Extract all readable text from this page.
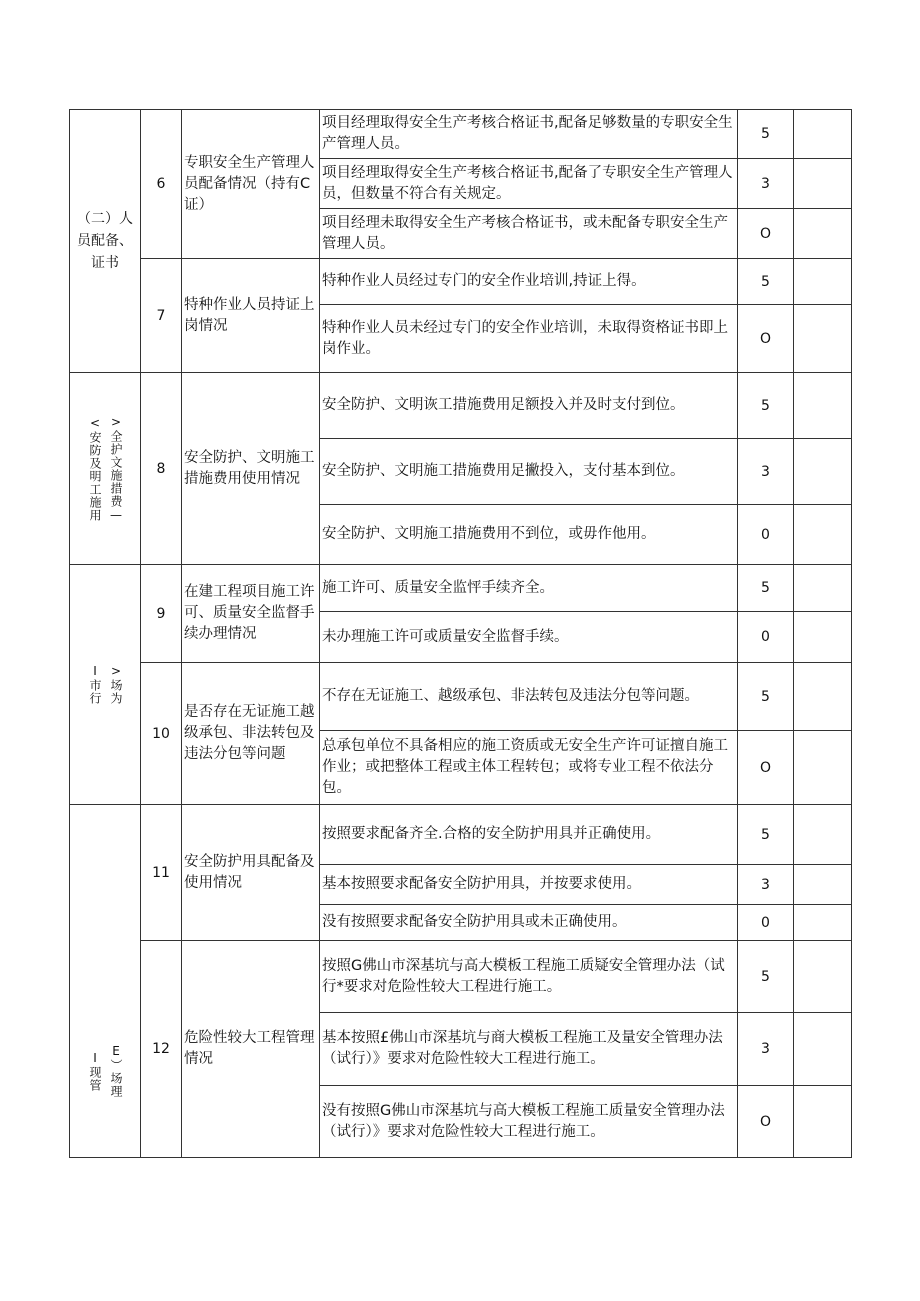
（二）人员配备、证书	6	专职安全生产管理人员配备情况（持有C证）	项目经理取得安全生产考核合格证书,配备足够数量的专职安全生产管理人员。	5	
			项目经理取得安全生产考核合格证书,配备了专职安全生产管理人员，但数量不符合有关规定。	3	
			项目经理未取得安全生产考核合格证书，或未配备专职安全生产管理人员。	O	
	7	特种作业人员持证上岗情况	特种作业人员经过专门的安全作业培训,持证上得。	5	
			特种作业人员未经过专门的安全作业培训，未取得资格证书即上岗作业。	O	

<安防及明工施用 >全护文施措费—	8	安全防护、文明施工措施费用使用情况	安全防护、文明诙工措施费用足额投入并及时支付到位。	5	
			安全防护、文明施工措施费用足撇投入，支付基本到位。	3	
			安全防护、文明施工措施费用不到位，或毋作他用。	0	

I市行 >场为	9	在建工程项目施工许可、质量安全监督手续办理情况	施工许可、质量安全监怦手续齐全。	5	
			未办理施工许可或质量安全监督手续。	0	
	10	是否存在无证施工越级承包、非法转包及违法分包等问题	不存在无证施工、越级承包、非法转包及违法分包等问题。	5	
			总承包单位不具备相应的施工资质或无安全生产许可证擅自施工作业；或把整体工程或主体工程转包；或将专业工程不依法分包。	O	

I现管 E）场理	11	安全防护用具配备及使用情况	按照要求配备齐全.合格的安全防护用具并正确使用。	5	
			基本按照要求配备安全防护用具，并按要求使用。	3	
			没有按照要求配备安全防护用具或未正确使用。	0	
	12	危险性较大工程管理情况	按照G佛山市深基坑与高大模板工程施工质疑安全管理办法（试行*要求对危险性较大工程进行施工。	5	
			基本按照£佛山市深基坑与商大模板工程施工及量安全管理办法（试行）》要求对危险性较大工程进行施工。	3	
			没有按照G佛山市深基坑与高大模板工程施工质量安全管理办法（试行）》要求对危险性较大工程进行施工。	O	
